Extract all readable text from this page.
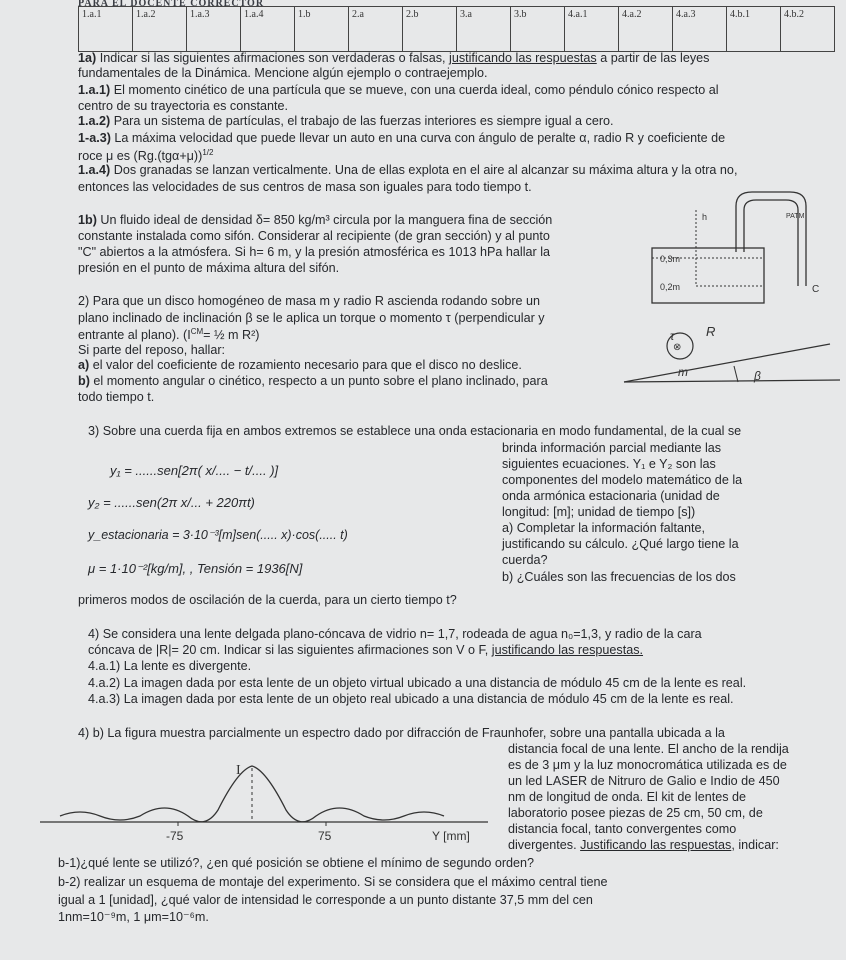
PARA EL DOCENTE CORRECTOR
1.a.1	1.a.2	1.a.3	1.a.4	1.b	2.a	2.b	3.a	3.b	4.a.1	4.a.2	4.a.3	4.b.1	4.b.2
1a) Indicar si las siguientes afirmaciones son verdaderas o falsas, justificando las respuestas a partir de las leyes
fundamentales de la Dinámica. Mencione algún ejemplo o contraejemplo.
1.a.1) El momento cinético de una partícula que se mueve, con una cuerda ideal, como péndulo cónico respecto al
centro de su trayectoria es constante.
1.a.2) Para un sistema de partículas, el trabajo de las fuerzas interiores es siempre igual a cero.
1-a.3) La máxima velocidad que puede llevar un auto en una curva con ángulo de peralte α, radio R y coeficiente de
roce μ es $(Rg.(tg\alpha+\mu))^{1/2}$
1.a.4) Dos granadas se lanzan verticalmente. Una de ellas explota en el aire al alcanzar su máxima altura y la otra no,
entonces las velocidades de sus centros de masa son iguales para todo tiempo t.
1b) Un fluido ideal de densidad δ= 850 kg/m³ circula por la manguera fina de sección
constante instalada como sifón. Considerar al recipiente (de gran sección) y al punto
"C" abiertos a la atmósfera. Si h= 6 m, y la presión atmosférica es 1013 hPa hallar la
presión en el punto de máxima altura del sifón.
h	PATM
0,3m
0,2m	C
2) Para que un disco homogéneo de masa m y radio R ascienda rodando sobre un
plano inclinado de inclinación β se le aplica un torque o momento τ (perpendicular y
entrante al plano). ($I^{CM}=$ ½ m R²)
Si parte del reposo, hallar:
a) el valor del coeficiente de rozamiento necesario para que el disco no deslice.
b) el momento angular o cinético, respecto a un punto sobre el plano inclinado, para
todo tiempo t.
⊗
τ R
m	β
3) Sobre una cuerda fija en ambos extremos se establece una onda estacionaria en modo fundamental, de la cual se
brinda información parcial mediante las
siguientes ecuaciones. Y₁ e Y₂ son las
componentes del modelo matemático de la
onda armónica estacionaria (unidad de
longitud: [m]; unidad de tiempo [s])
a) Completar la información faltante,
justificando su cálculo. ¿Qué largo tiene la
cuerda?
b) ¿Cuáles son las frecuencias de los dos
primeros modos de oscilación de la cuerda, para un cierto tiempo t?
y₁ = ......sen[2π( x/.... − t/.... )]
y₂ = ......sen(2π x/... + 220πt)
y_estacionaria = 3·10⁻³[m]sen(..... x)·cos(..... t)
μ = 1·10⁻²[kg/m], , Tensión = 1936[N]
4) Se considera una lente delgada plano-cóncava de vidrio n= 1,7, rodeada de agua n₀=1,3, y radio de la cara
cóncava de |R|= 20 cm. Indicar si las siguientes afirmaciones son V o F, justificando las respuestas.
4.a.1) La lente es divergente.
4.a.2) La imagen dada por esta lente de un objeto virtual ubicado a una distancia de módulo 45 cm de la lente es real.
4.a.3) La imagen dada por esta lente de un objeto real ubicado a una distancia de módulo 45 cm de la lente es real.
4) b) La figura muestra parcialmente un espectro dado por difracción de Fraunhofer, sobre una pantalla ubicada a la
distancia focal de una lente. El ancho de la rendija
es de 3 μm y la luz monocromática utilizada es de
un led LASER de Nitruro de Galio e Indio de 450
nm de longitud de onda. El kit de lentes de
laboratorio posee piezas de 25 cm, 50 cm, de
distancia focal, tanto convergentes como
divergentes. Justificando las respuestas, indicar:
b-1)¿qué lente se utilizó?, ¿en qué posición se obtiene el mínimo de segundo orden?
b-2) realizar un esquema de montaje del experimento. Si se considera que el máximo central tiene
igual a 1 [unidad], ¿qué valor de intensidad le corresponde a un punto distante 37,5 mm del cen
1nm=10⁻⁹m, 1 μm=10⁻⁶m.
I
-75	75	Y [mm]
